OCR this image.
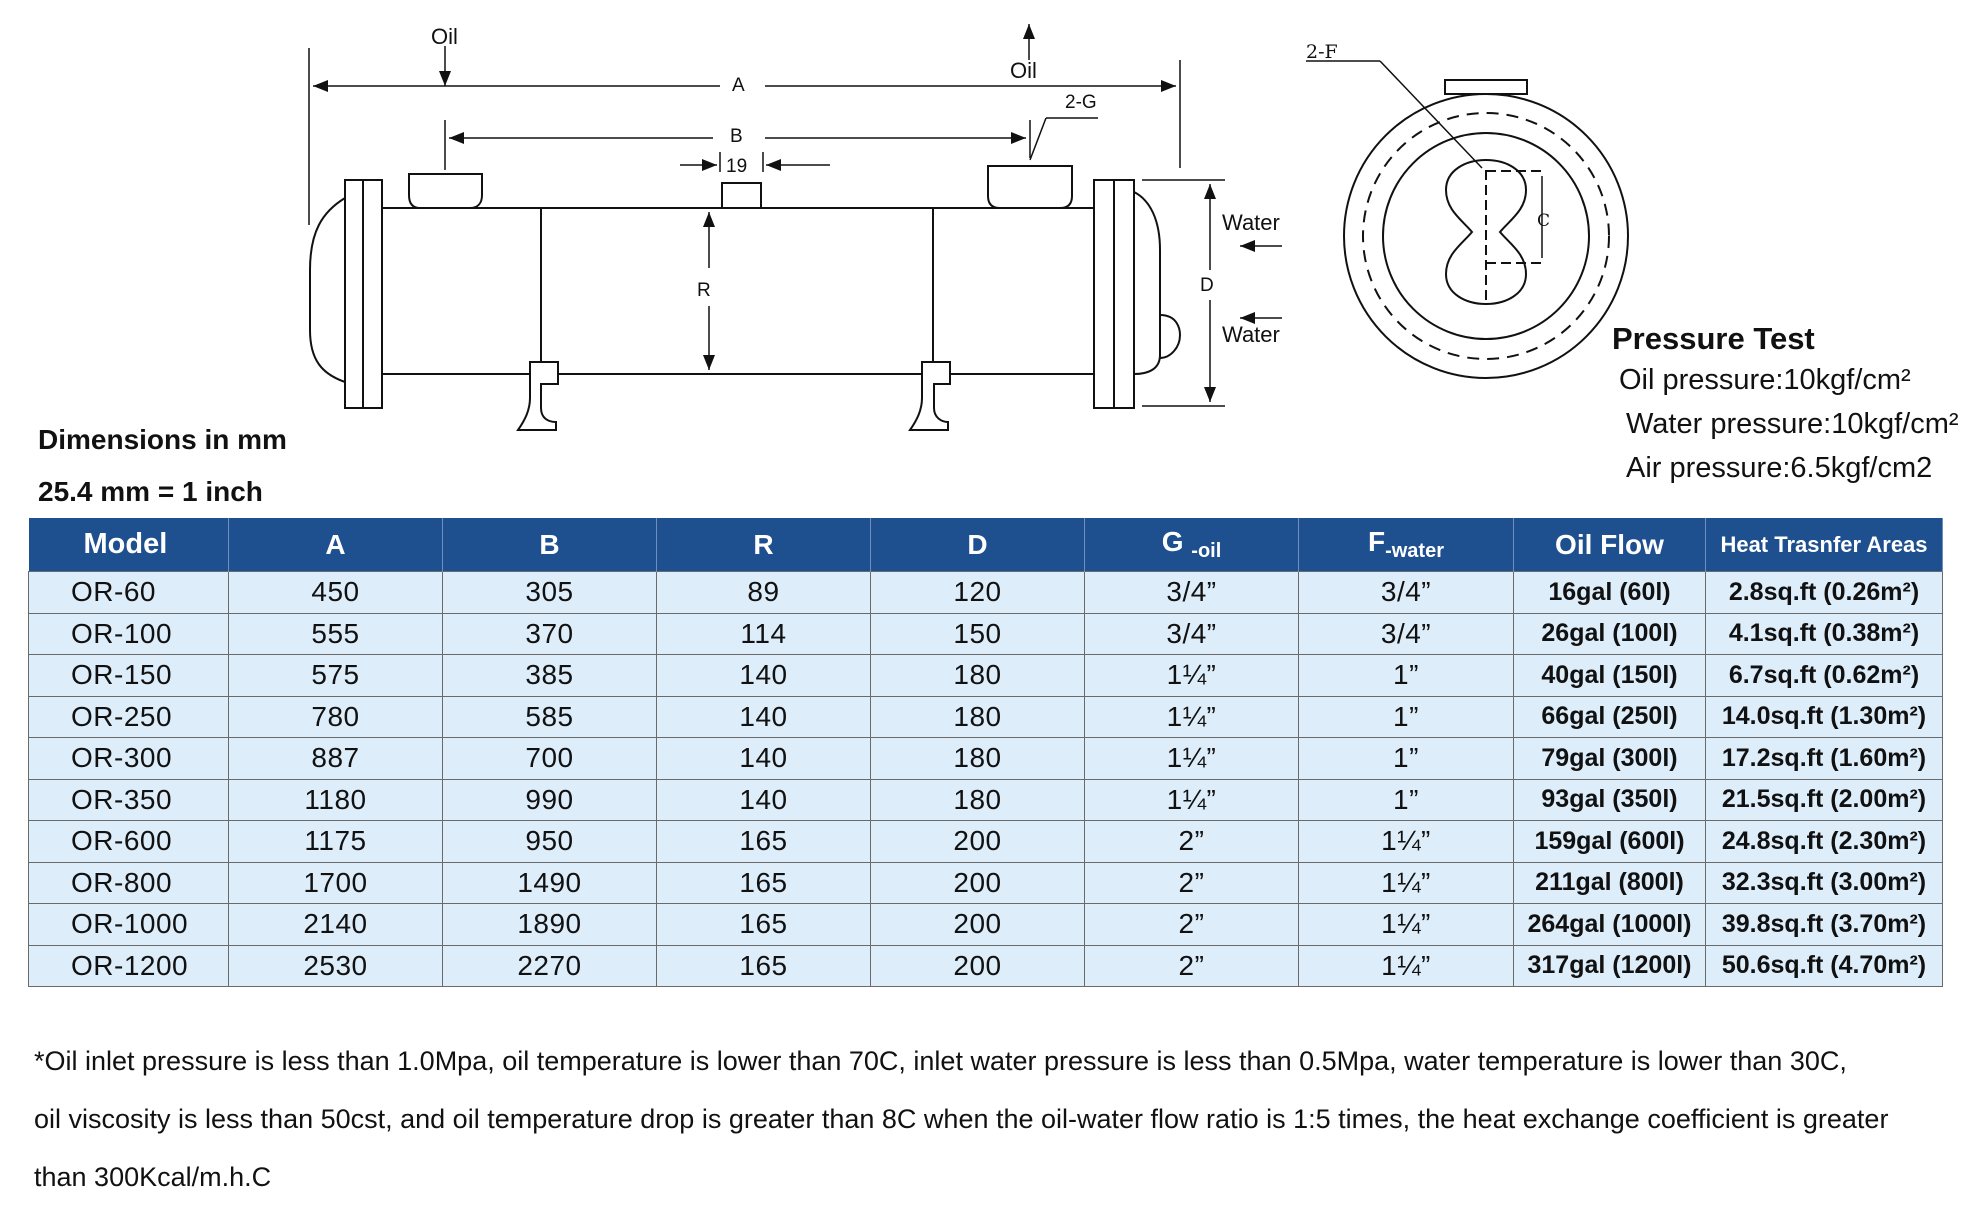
Oil
Oil
A
B
19
R	D
2-G
Water
Water
2-F
C
Dimensions in mm
25.4 mm = 1 inch
Pressure Test
Oil pressure:10kgf/cm²
Water pressure:10kgf/cm²
Air pressure:6.5kgf/cm2
Model	A	B	R	D	G $_{-oil}$	$F_{-water}$	Oil Flow	Heat Trasnfer Areas
OR-60	450	305	89	120	3/4”	3/4”	16gal (60l)	2.8sq.ft (0.26m²)
OR-100	555	370	114	150	3/4”	3/4”	26gal (100l)	4.1sq.ft (0.38m²)
OR-150	575	385	140	180	1¼”	1”	40gal (150l)	6.7sq.ft (0.62m²)
OR-250	780	585	140	180	1¼”	1”	66gal (250l)	14.0sq.ft (1.30m²)
OR-300	887	700	140	180	1¼”	1”	79gal (300l)	17.2sq.ft (1.60m²)
OR-350	1180	990	140	180	1¼”	1”	93gal (350l)	21.5sq.ft (2.00m²)
OR-600	1175	950	165	200	2”	1¼”	159gal (600l)	24.8sq.ft (2.30m²)
OR-800	1700	1490	165	200	2”	1¼”	211gal (800l)	32.3sq.ft (3.00m²)
OR-1000	2140	1890	165	200	2”	1¼”	264gal (1000l)	39.8sq.ft (3.70m²)
OR-1200	2530	2270	165	200	2”	1¼”	317gal (1200l)	50.6sq.ft (4.70m²)
*Oil inlet pressure is less than 1.0Mpa, oil temperature is lower than 70C, inlet water pressure is less than 0.5Mpa, water temperature is lower than 30C,
oil viscosity is less than 50cst, and oil temperature drop is greater than 8C when the oil-water flow ratio is 1:5 times, the heat exchange coefficient is greater
than 300Kcal/m.h.C
